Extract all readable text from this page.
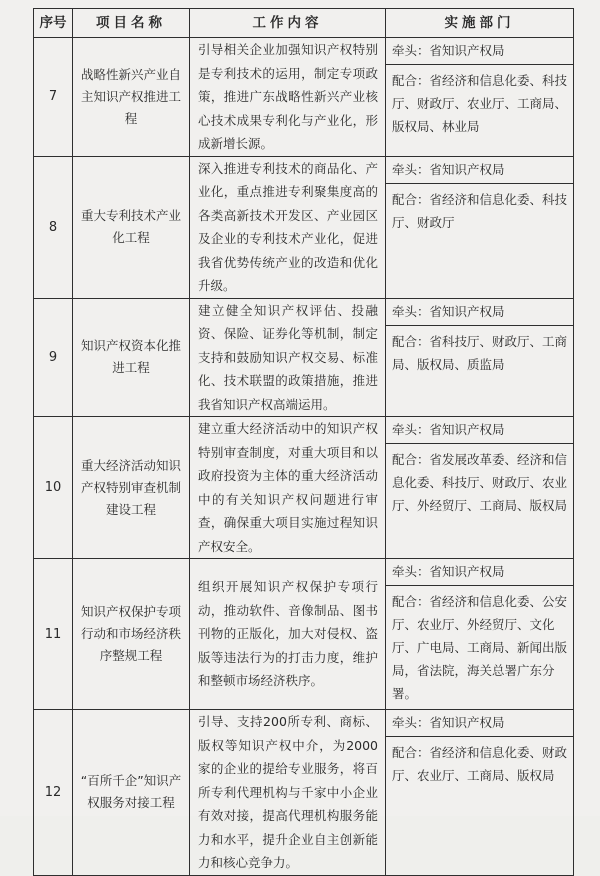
序号	项目名称	工作内容	实施部门
7	战略性新兴产业自主知识产权推进工程	引导相关企业加强知识产权特别是专利技术的运用，制定专项政策，推进广东战略性新兴产业核心技术成果专利化与产业化，形成新增长源。	牵头：省知识产权局
配合：省经济和信息化委、科技厅、财政厅、农业厅、工商局、版权局、林业局

8	重大专利技术产业化工程	深入推进专利技术的商品化、产业化，重点推进专利聚集度高的各类高新技术开发区、产业园区及企业的专利技术产业化，促进我省优势传统产业的改造和优化升级。	牵头：省知识产权局
配合：省经济和信息化委、科技厅、财政厅

9	知识产权资本化推进工程	建立健全知识产权评估、投融资、保险、证券化等机制，制定支持和鼓励知识产权交易、标准化、技术联盟的政策措施，推进我省知识产权高端运用。	牵头：省知识产权局
配合：省科技厅、财政厅、工商局、版权局、质监局

10	重大经济活动知识产权特别审查机制建设工程	建立重大经济活动中的知识产权特别审查制度，对重大项目和以政府投资为主体的重大经济活动中的有关知识产权问题进行审查，确保重大项目实施过程知识产权安全。	牵头：省知识产权局
配合：省发展改革委、经济和信息化委、科技厅、财政厅、农业厅、外经贸厅、工商局、版权局

11	知识产权保护专项行动和市场经济秩序整规工程	组织开展知识产权保护专项行动，推动软件、音像制品、图书刊物的正版化，加大对侵权、盗版等违法行为的打击力度，维护和整顿市场经济秩序。	牵头：省知识产权局
配合：省经济和信息化委、公安厅、农业厅、外经贸厅、文化厅、广电局、工商局、新闻出版局，省法院，海关总署广东分署。

12	“百所千企”知识产权服务对接工程	引导、支持200所专利、商标、版权等知识产权中介，为2000家的企业的提给专业服务，将百所专利代理机构与千家中小企业有效对接，提高代理机构服务能力和水平，提升企业自主创新能力和核心竞争力。	牵头：省知识产权局
配合：省经济和信息化委、财政厅、农业厅、工商局、版权局
